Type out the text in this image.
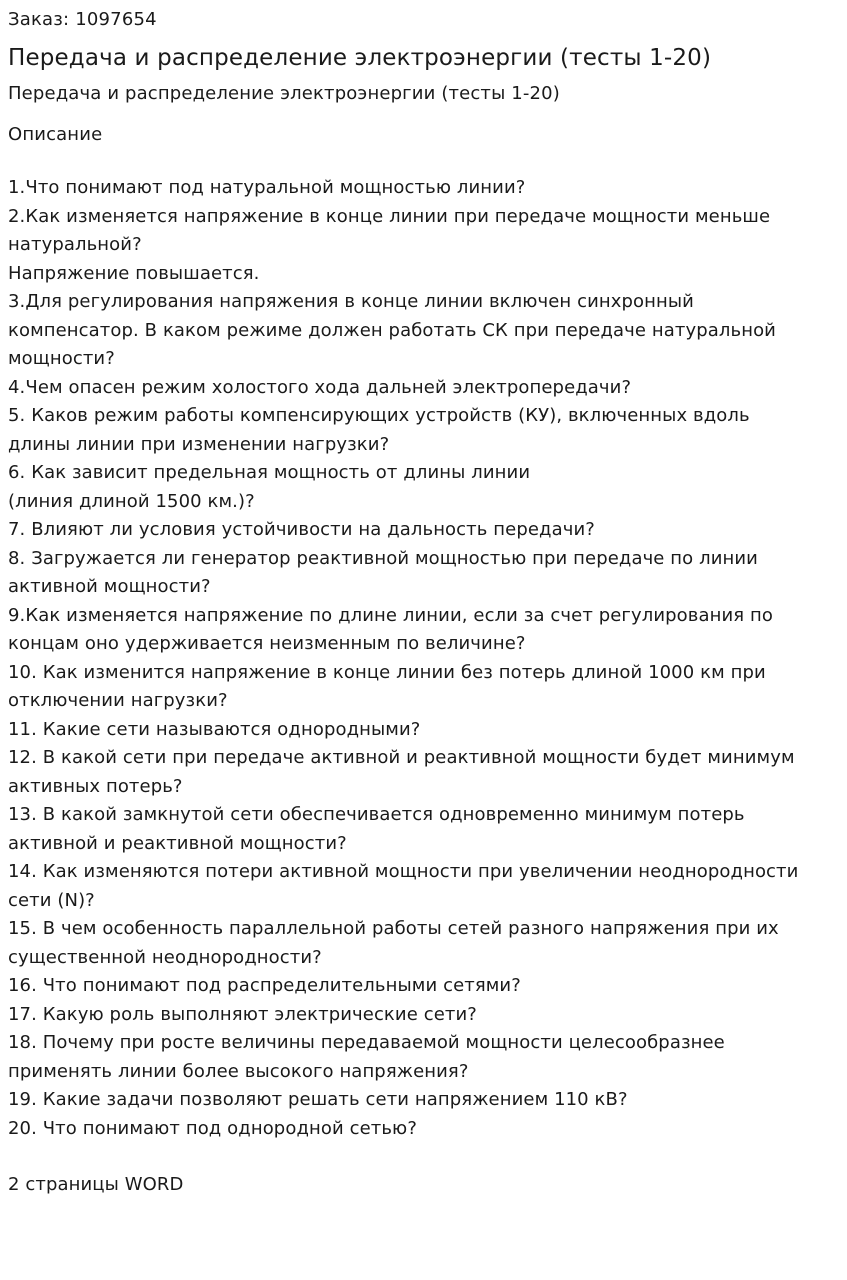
Заказ: 1097654

Передача и распределение электроэнергии (тесты 1-20)

Передача и распределение электроэнергии (тесты 1-20)

Описание

1.Что понимают под натуральной мощностью линии?
2.Как изменяется напряжение в конце линии при передаче мощности меньше
натуральной?
Напряжение повышается.
3.Для регулирования напряжения в конце линии включен синхронный
компенсатор. В каком режиме должен работать СК при передаче натуральной
мощности?
4.Чем опасен режим холостого хода дальней электропередачи?
5. Каков режим работы компенсирующих устройств (КУ), включенных вдоль
длины линии при изменении нагрузки?
6. Как зависит предельная мощность от длины линии
(линия длиной 1500 км.)?
7. Влияют ли условия устойчивости на дальность передачи?
8. Загружается ли генератор реактивной мощностью при передаче по линии
активной мощности?
9.Как изменяется напряжение по длине линии, если за счет регулирования по
концам оно удерживается неизменным по величине?
10. Как изменится напряжение в конце линии без потерь длиной 1000 км при
отключении нагрузки?
11. Какие сети называются однородными?
12. В какой сети при передаче активной и реактивной мощности будет минимум
активных потерь?
13. В какой замкнутой сети обеспечивается одновременно минимум потерь
активной и реактивной мощности?
14. Как изменяются потери активной мощности при увеличении неоднородности
сети (N)?
15. В чем особенность параллельной работы сетей разного напряжения при их
существенной неоднородности?
16. Что понимают под распределительными сетями?
17. Какую роль выполняют электрические сети?
18. Почему при росте величины передаваемой мощности целесообразнее
применять линии более высокого напряжения?
19. Какие задачи позволяют решать сети напряжением 110 кВ?
20. Что понимают под однородной сетью?

2 страницы WORD
